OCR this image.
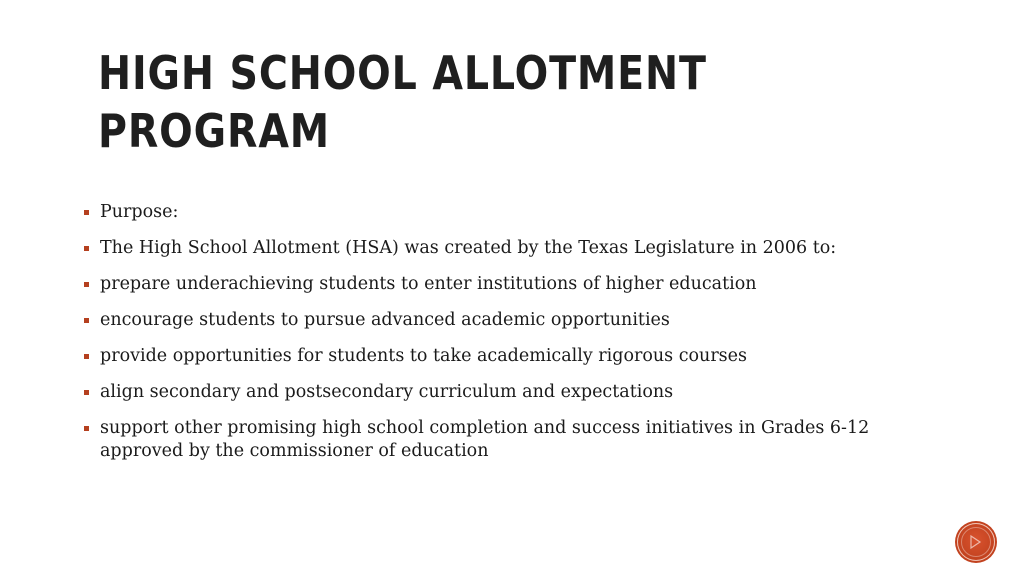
HIGH SCHOOL ALLOTMENT PROGRAM
Purpose:
The High School Allotment (HSA) was created by the Texas Legislature in 2006 to:
prepare underachieving students to enter institutions of higher education
encourage students to pursue advanced academic opportunities
provide opportunities for students to take academically rigorous courses
align secondary and postsecondary curriculum and expectations
support other promising high school completion and success initiatives in Grades 6-12 approved by the commissioner of education
